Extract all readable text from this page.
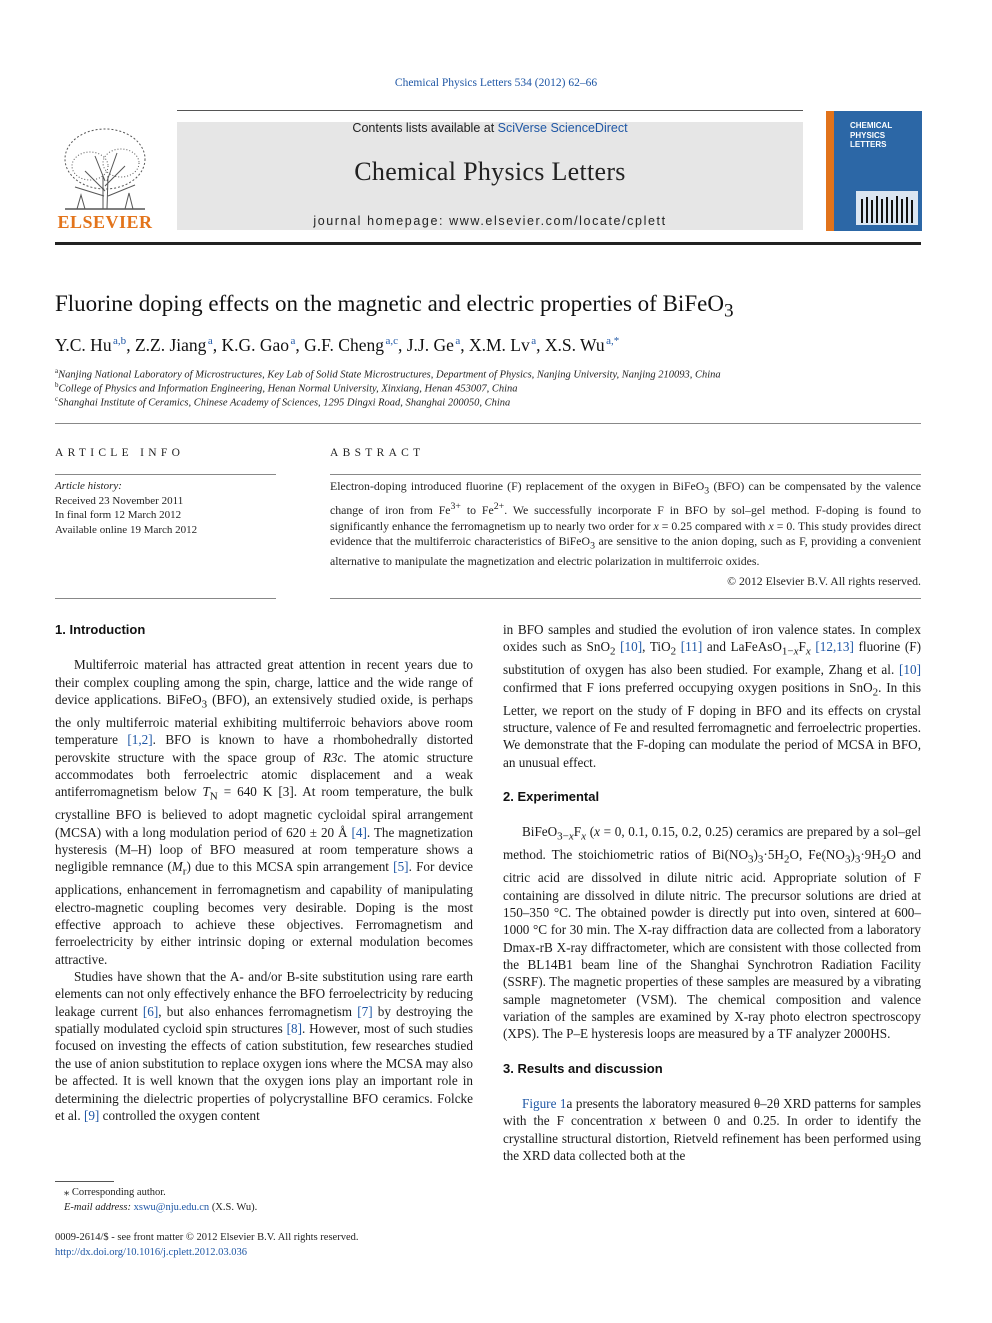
Chemical Physics Letters 534 (2012) 62–66
Contents lists available at SciVerse ScienceDirect
Chemical Physics Letters
journal homepage: www.elsevier.com/locate/cplett
ELSEVIER
CHEMICAL
PHYSICS
LETTERS
Fluorine doping effects on the magnetic and electric properties of BiFeO$_3$
Y.C. Hu $^{a,b}$, Z.Z. Jiang $^a$, K.G. Gao $^a$, G.F. Cheng $^{a,c}$, J.J. Ge $^a$, X.M. Lv $^a$, X.S. Wu $^{a,*}$
$^a$Nanjing National Laboratory of Microstructures, Key Lab of Solid State Microstructures, Department of Physics, Nanjing University, Nanjing 210093, China
$^b$College of Physics and Information Engineering, Henan Normal University, Xinxiang, Henan 453007, China
$^c$Shanghai Institute of Ceramics, Chinese Academy of Sciences, 1295 Dingxi Road, Shanghai 200050, China
ARTICLE INFO	ABSTRACT
Article history:
Received 23 November 2011
In final form 12 March 2012
Available online 19 March 2012
Electron-doping introduced fluorine (F) replacement of the oxygen in BiFeO$_3$ (BFO) can be compensated by the valence change of iron from $Fe^{3+}$ to $Fe^{2+}$. We successfully incorporate F in BFO by sol–gel method. F-doping is found to significantly enhance the ferromagnetism up to nearly two order for x = 0.25 compared with x = 0. This study provides direct evidence that the multiferroic characteristics of BiFeO$_3$ are sensitive to the anion doping, such as F, providing a convenient alternative to manipulate the magnetization and electric polarization in multiferroic oxides.
© 2012 Elsevier B.V. All rights reserved.
1. Introduction

Multiferroic material has attracted great attention in recent years due to their complex coupling among the spin, charge, lattice and the wide range of device applications. BiFeO$_3$ (BFO), an extensively studied oxide, is perhaps the only multiferroic material exhibiting multiferroic behaviors above room temperature [1,2]. BFO is known to have a rhombohedrally distorted perovskite structure with the space group of R3c. The atomic structure accommodates both ferroelectric atomic displacement and a weak antiferromagnetism below $T_N = 640$ K [3]. At room temperature, the bulk crystalline BFO is believed to adopt magnetic cycloidal spiral arrangement (MCSA) with a long modulation period of 620 ± 20 Å [4]. The magnetization hysteresis (M–H) loop of BFO measured at room temperature shows a negligible remnance $(M_r)$ due to this MCSA spin arrangement [5]. For device applications, enhancement in ferromagnetism and capability of manipulating electro-magnetic coupling becomes very desirable. Doping is the most effective approach to achieve these objectives. Ferromagnetism and ferroelectricity by either intrinsic doping or external modulation becomes attractive.

Studies have shown that the A- and/or B-site substitution using rare earth elements can not only effectively enhance the BFO ferroelectricity by reducing leakage current [6], but also enhances ferromagnetism [7] by destroying the spatially modulated cycloid spin structures [8]. However, most of such studies focused on investing the effects of cation substitution, few researches studied the use of anion substitution to replace oxygen ions where the MCSA may also be affected. It is well known that the oxygen ions play an important role in determining the dielectric properties of polycrystalline BFO ceramics. Folcke et al. [9] controlled the oxygen content

in BFO samples and studied the evolution of iron valence states. In complex oxides such as SnO$_2$ [10], TiO$_2$ [11] and $LaFeAsO_{1-x}F_x$ [12,13] fluorine (F) substitution of oxygen has also been studied. For example, Zhang et al. [10] confirmed that F ions preferred occupying oxygen positions in SnO$_2$. In this Letter, we report on the study of F doping in BFO and its effects on crystal structure, valence of Fe and resulted ferromagnetic and ferroelectric properties. We demonstrate that the F-doping can modulate the period of MCSA in BFO, an unusual effect.

2. Experimental

$BiFeO_{3-x}F_x$ (x = 0, 0.1, 0.15, 0.2, 0.25) ceramics are prepared by a sol–gel method. The stoichiometric ratios of $Bi(NO_3)_3\cdot 5H_2O$, $Fe(NO_3)_3\cdot 9H_2O$ and citric acid are dissolved in dilute nitric acid. Appropriate solution of F containing are dissolved in dilute nitric. The precursor solutions are dried at 150–350 °C. The obtained powder is directly put into oven, sintered at 600–1000 °C for 30 min. The X-ray diffraction data are collected from a laboratory Dmax-rB X-ray diffractometer, which are consistent with those collected from the BL14B1 beam line of the Shanghai Synchrotron Radiation Facility (SSRF). The magnetic properties of these samples are measured by a vibrating sample magnetometer (VSM). The chemical composition and valence variation of the samples are examined by X-ray photo electron spectroscopy (XPS). The P–E hysteresis loops are measured by a TF analyzer 2000HS.

3. Results and discussion

Figure 1a presents the laboratory measured θ–2θ XRD patterns for samples with the F concentration x between 0 and 0.25. In order to identify the crystalline structural distortion, Rietveld refinement has been performed using the XRD data collected both at the

⁎ Corresponding author.
E-mail address: xswu@nju.edu.cn (X.S. Wu).
0009-2614/$ - see front matter © 2012 Elsevier B.V. All rights reserved.
http://dx.doi.org/10.1016/j.cplett.2012.03.036
